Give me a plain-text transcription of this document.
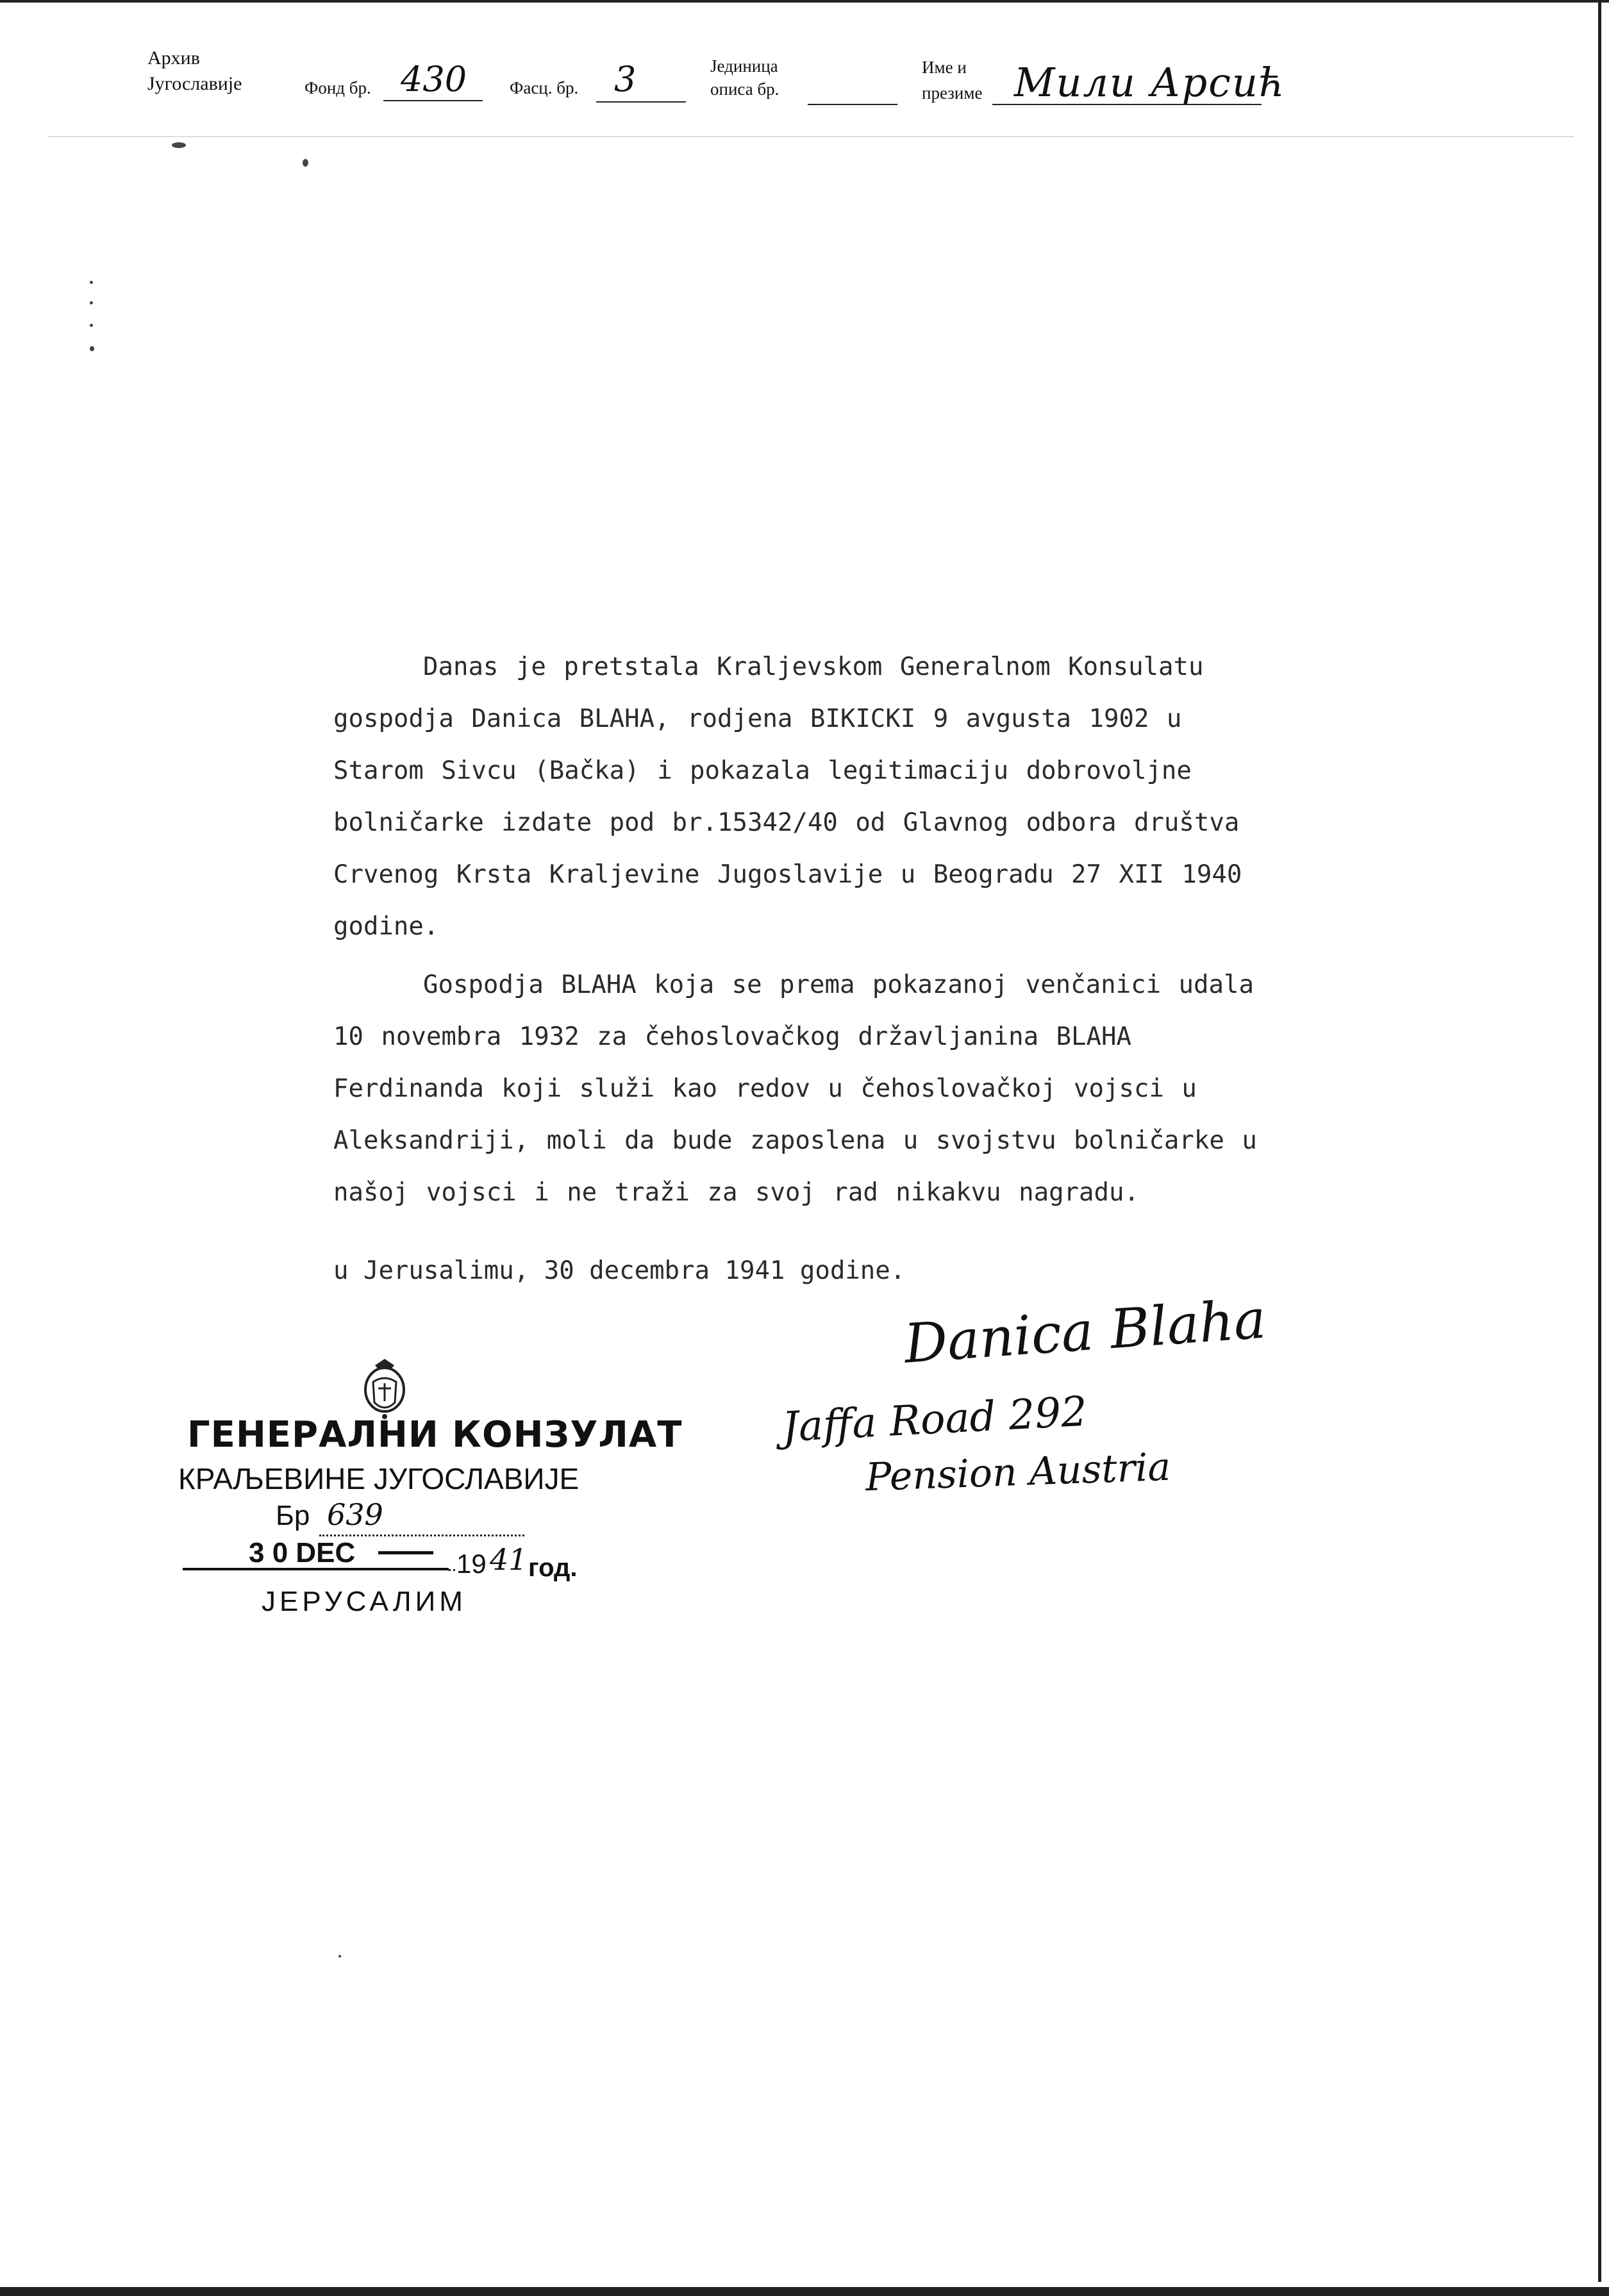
Архив
Југославије	Фонд бр. 430 Фасц. бр. 3	Јединица
описа бр.
Име и
презиме Мили Арсић

Danas je pretstala Kraljevskom Generalnom Konsulatu gospodja Danica BLAHA, rodjena BIKICKI 9 avgusta 1902 u Starom Sivcu (Bačka) i pokazala legitimaciju dobrovoljne bolničarke izdate pod br.15342/40 od Glavnog odbora društva Crvenog Krsta Kraljevine Jugoslavije u Beogradu 27 XII 1940 godine.

Gospodja BLAHA koja se prema pokazanoj venčanici udala 10 novembra 1932 za čehoslovačkog državljanina BLAHA Ferdinanda koji služi kao redov u čehoslovačkoj vojsci u Aleksandriji, moli da bude zaposlena u svojstvu bolničarke u našoj vojsci i ne traži za svoj rad nikakvu nagradu.

u Jerusalimu, 30 decembra 1941 godine.
Danica Blaha
Jaffa Road 292
Pension Austria
ГЕНЕРАЛНИ КОНЗУЛАТ
КРАЉЕВИНЕ ЈУГОСЛАВИЈЕ
Бр 639
3 0 DEC	19 41 год.
ЈЕРУСАЛИМ
